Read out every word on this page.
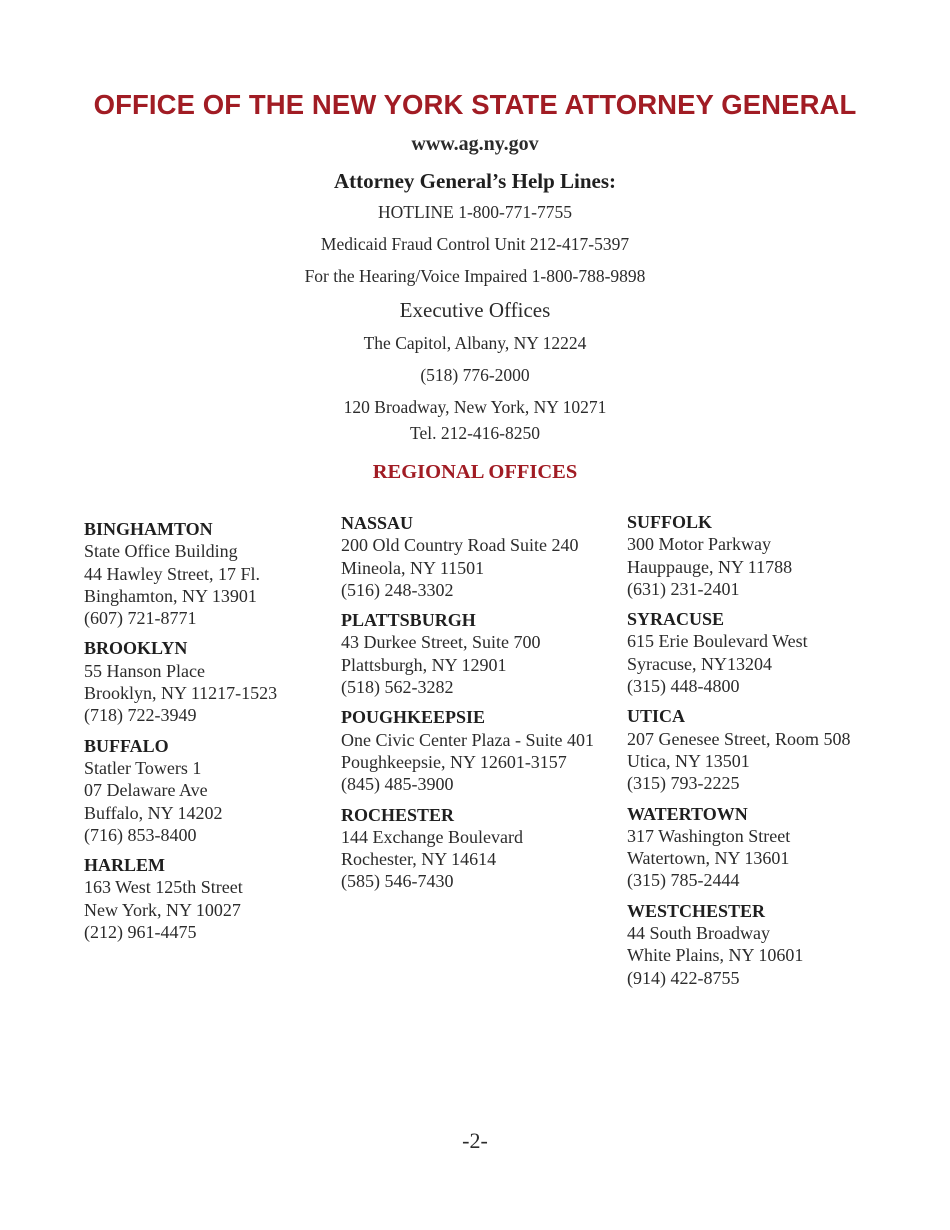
OFFICE OF THE NEW YORK STATE ATTORNEY GENERAL
www.ag.ny.gov
Attorney General’s Help Lines:
HOTLINE 1-800-771-7755
Medicaid Fraud Control Unit 212-417-5397
For the Hearing/Voice Impaired 1-800-788-9898
Executive Offices
The Capitol, Albany, NY 12224
(518) 776-2000
120 Broadway, New York, NY 10271
Tel. 212-416-8250
REGIONAL OFFICES
BINGHAMTON
State Office Building
44 Hawley Street, 17 Fl.
Binghamton, NY 13901
(607) 721-8771
BROOKLYN
55 Hanson Place
Brooklyn, NY 11217-1523
(718) 722-3949
BUFFALO
Statler Towers 1
07 Delaware Ave
Buffalo, NY 14202
(716) 853-8400
HARLEM
163 West 125th Street
New York, NY 10027
(212) 961-4475
NASSAU
200 Old Country Road Suite 240
Mineola, NY 11501
(516) 248-3302
PLATTSBURGH
43 Durkee Street, Suite 700
Plattsburgh, NY 12901
(518) 562-3282
POUGHKEEPSIE
One Civic Center Plaza - Suite 401
Poughkeepsie, NY 12601-3157
(845) 485-3900
ROCHESTER
144 Exchange Boulevard
Rochester, NY 14614
(585) 546-7430
SUFFOLK
300 Motor Parkway
Hauppauge, NY 11788
(631) 231-2401
SYRACUSE
615 Erie Boulevard West
Syracuse, NY13204
(315) 448-4800
UTICA
207 Genesee Street, Room 508
Utica, NY 13501
(315) 793-2225
WATERTOWN
317 Washington Street
Watertown, NY 13601
(315) 785-2444
WESTCHESTER
44 South Broadway
White Plains, NY 10601
(914) 422-8755
-2-
